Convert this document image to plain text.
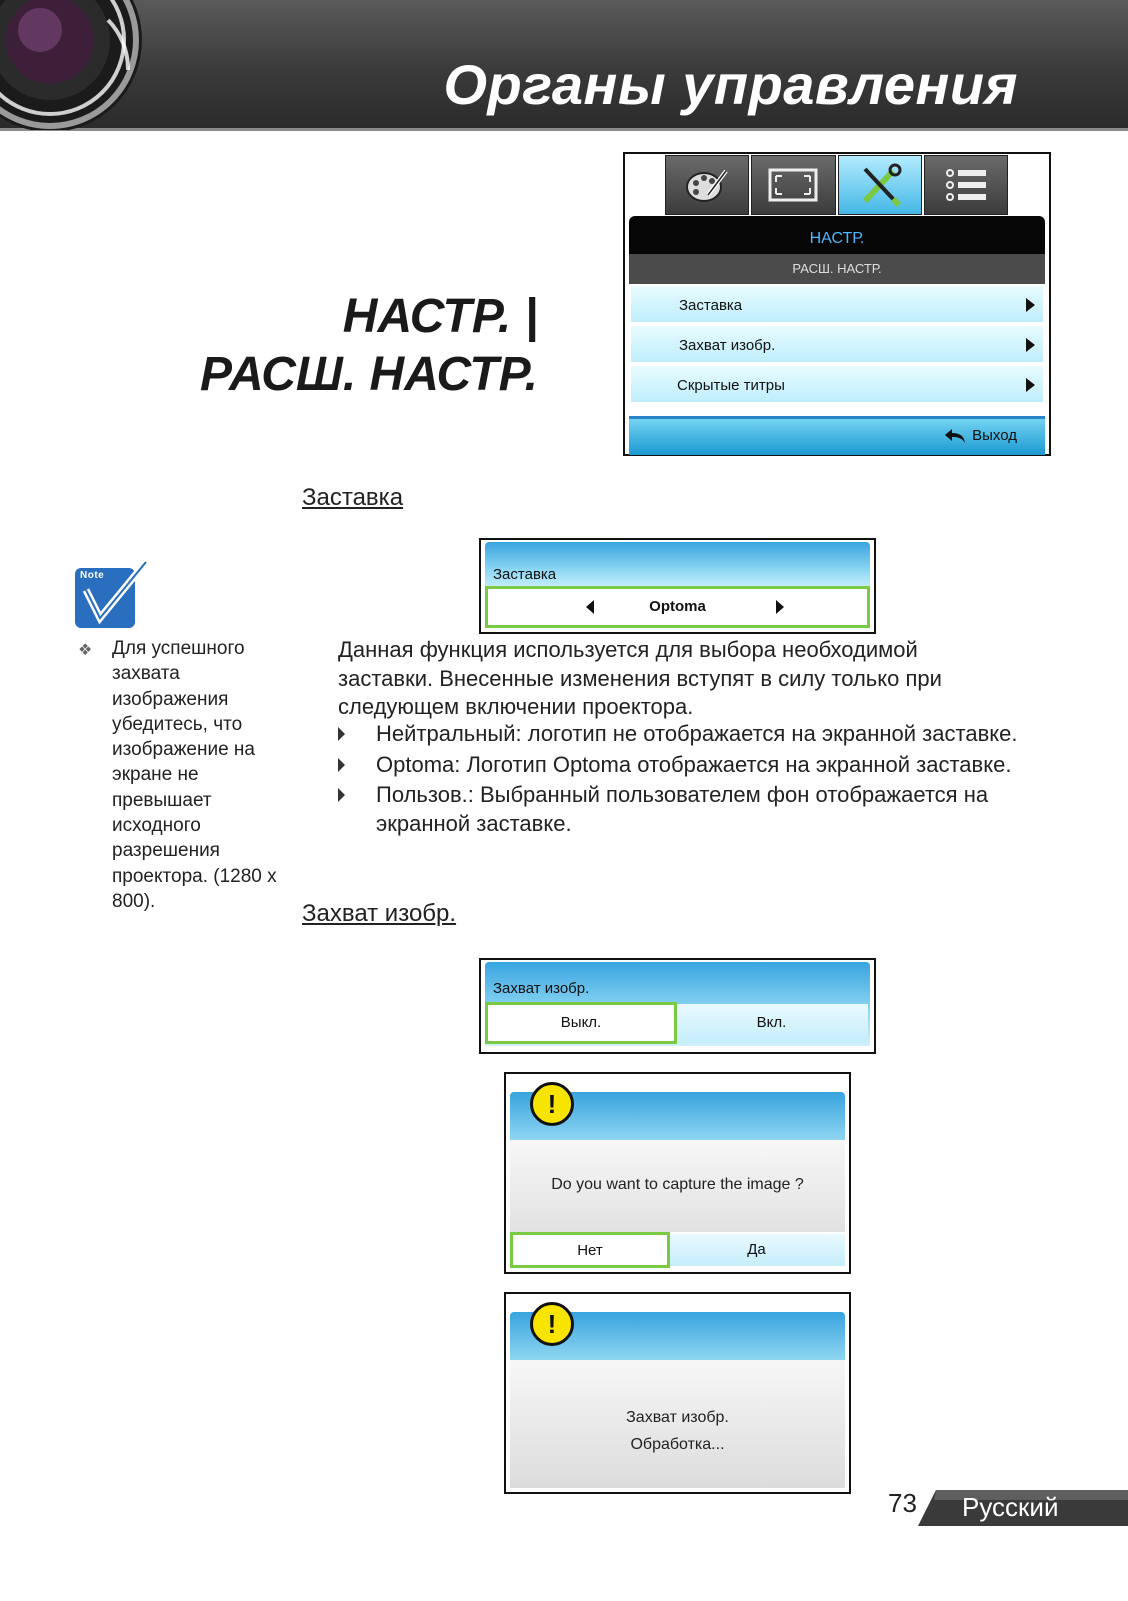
Органы управления
НАСТР. |
РАСШ. НАСТР.
НАСТР.
РАСШ. НАСТР.
Заставка
Захват изобр.
Скрытые титры
Выход
Заставка
Заставка
Optoma
Note
❖ Для успешного захвата изображения убедитесь, что изображение на экране не превышает исходного разрешения проектора. (1280 x 800).
Данная функция используется для выбора необходимой заставки. Внесенные изменения вступят в силу только при следующем включении проектора.
Нейтральный: логотип не отображается на экранной заставке.
Optoma: Логотип Optoma отображается на экранной заставке.
Пользов.: Выбранный пользователем фон отображается на экранной заставке.
Захват изобр.
Захват изобр.
Вкл.
Выкл.
!
Do you want to capture the image ?
Да
Нет
!
Захват изобр.
Обработка...
73 Русский
